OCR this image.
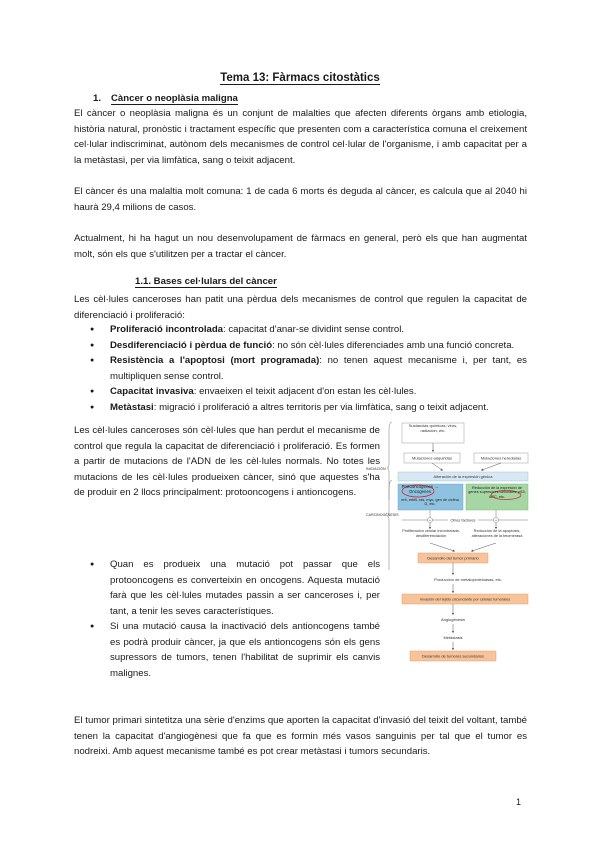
Tema 13: Fàrmacs citostàtics
1. Càncer o neoplàsia maligna

El càncer o neoplàsia maligna és un conjunt de malalties que afecten diferents òrgans amb etiologia, història natural, pronòstic i tractament específic que presenten com a característica comuna el creixement cel·lular indiscriminat, autònom dels mecanismes de control cel·lular de l'organisme, i amb capacitat per a la metàstasi, per via limfàtica, sang o teixit adjacent.

El càncer és una malaltia molt comuna: 1 de cada 6 morts és deguda al càncer, es calcula que al 2040 hi haurà 29,4 milions de casos.

Actualment, hi ha hagut un nou desenvolupament de fàrmacs en general, però els que han augmentat molt, són els que s'utilitzen per a tractar el càncer.

1.1. Bases cel·lulars del càncer

Les cèl·lules canceroses han patit una pèrdua dels mecanismes de control que regulen la capacitat de diferenciació i proliferació:

● Proliferació incontrolada: capacitat d'anar-se dividint sense control.
● Desdiferenciació i pèrdua de funció: no són cèl·lules diferenciades amb una funció concreta.
● Resistència a l'apoptosi (mort programada): no tenen aquest mecanisme i, per tant, es multipliquen sense control.
● Capacitat invasiva: envaeixen el teixit adjacent d'on estan les cèl·lules.
● Metàstasi: migració i proliferació a altres territoris per via limfàtica, sang o teixit adjacent.

Les cèl·lules canceroses són cèl·lules que han perdut el mecanisme de control que regula la capacitat de diferenciació i proliferació. Es formen a partir de mutacions de l'ADN de les cèl·lules normals. No totes les mutacions de les cèl·lules produeixen càncer, sinó que aquestes s'ha de produir en 2 llocs principalment: protooncogens i antioncogens.

● Quan es produeix una mutació pot passar que els protooncogens es converteixin en oncogens. Aquesta mutació farà que les cèl·lules mutades passin a ser canceroses i, per tant, a tenir les seves característiques.
● Si una mutació causa la inactivació dels antioncogens també es podrà produir càncer, ja que els antioncogens són els gens supressors de tumors, tenen l'habilitat de suprimir els canvis malignes.

El tumor primari sintetitza una sèrie d'enzims que aporten la capacitat d'invasió del teixit del voltant, també tenen la capacitat d'angiogènesi que fa que es formin més vasos sanguinis per tal que el tumor es nodreixi. Amb aquest mecanisme també es pot crear metàstasi i tumors secundaris.

INICIACIÓN
CARCINOGÉNESIS
Sustancias químicas, virus, radiación, etc.
Mutaciones adquiridas	Mutaciones heredadas
Alteración de la expresión génica
Protooncogenes → Oncogenes
erb, erbB, ras, myc, gen de ciclina D, etc.
Reducción de la expresión de genes supresores tumorales: p53, APC, etc.
+	+
Otros factores
Proliferación celular incontrolada, desdiferenciación
Reducción de la apoptosis, alteraciones de la telomerasa
Desarrollo del tumor primario
Producción de metaloproteinasas, etc.
Invasión del tejido circundante por células tumorales
Angiogénesis
Metástasis
Desarrollo de tumores secundarios
1
